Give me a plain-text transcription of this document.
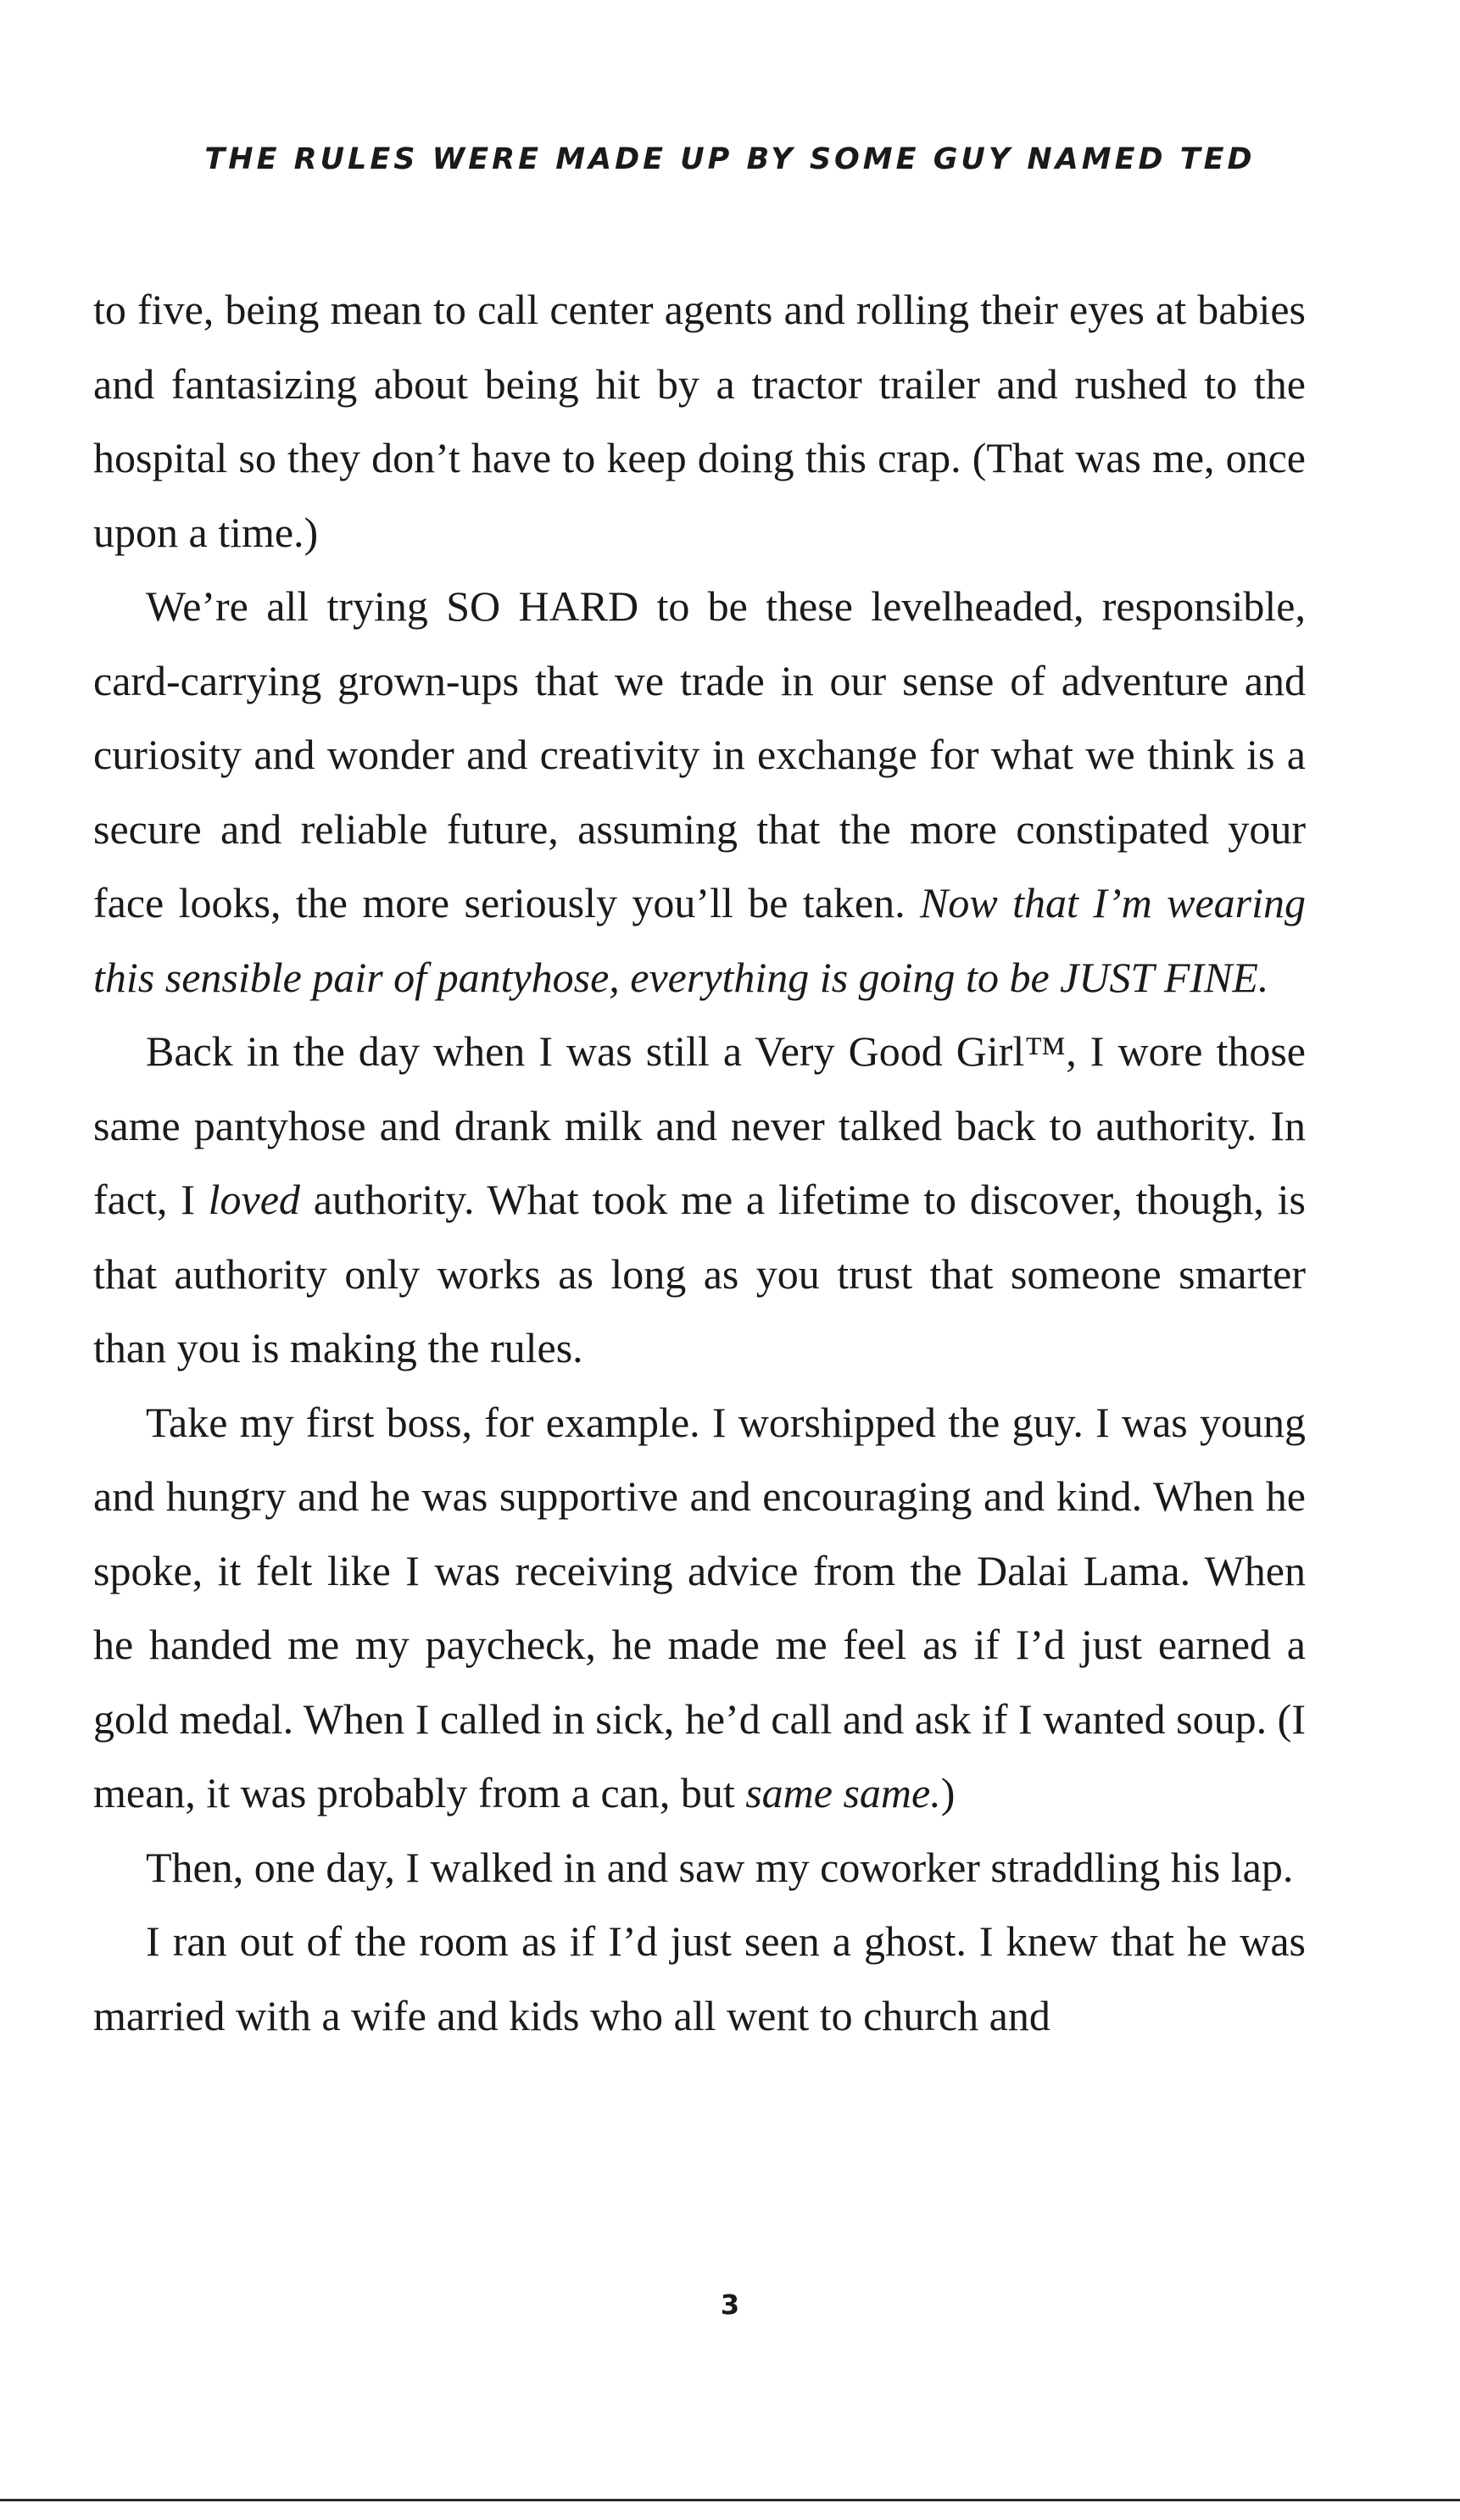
THE RULES WERE MADE UP BY SOME GUY NAMED TED

to five, being mean to call center agents and rolling their eyes at babies and fantasizing about being hit by a tractor trailer and rushed to the hospital so they don’t have to keep doing this crap. (That was me, once upon a time.)

We’re all trying SO HARD to be these levelheaded, responsible, card-carrying grown-ups that we trade in our sense of adventure and curiosity and wonder and creativity in exchange for what we think is a secure and reliable future, assuming that the more constipated your face looks, the more seriously you’ll be taken. Now that I’m wearing this sensible pair of pantyhose, everything is going to be JUST FINE.

Back in the day when I was still a Very Good Girl™, I wore those same pantyhose and drank milk and never talked back to authority. In fact, I loved authority. What took me a lifetime to discover, though, is that authority only works as long as you trust that someone smarter than you is making the rules.

Take my first boss, for example. I worshipped the guy. I was young and hungry and he was supportive and encouraging and kind. When he spoke, it felt like I was receiving advice from the Dalai Lama. When he handed me my paycheck, he made me feel as if I’d just earned a gold medal. When I called in sick, he’d call and ask if I wanted soup. (I mean, it was probably from a can, but same same.)

Then, one day, I walked in and saw my coworker straddling his lap.

I ran out of the room as if I’d just seen a ghost. I knew that he was married with a wife and kids who all went to church and

3
